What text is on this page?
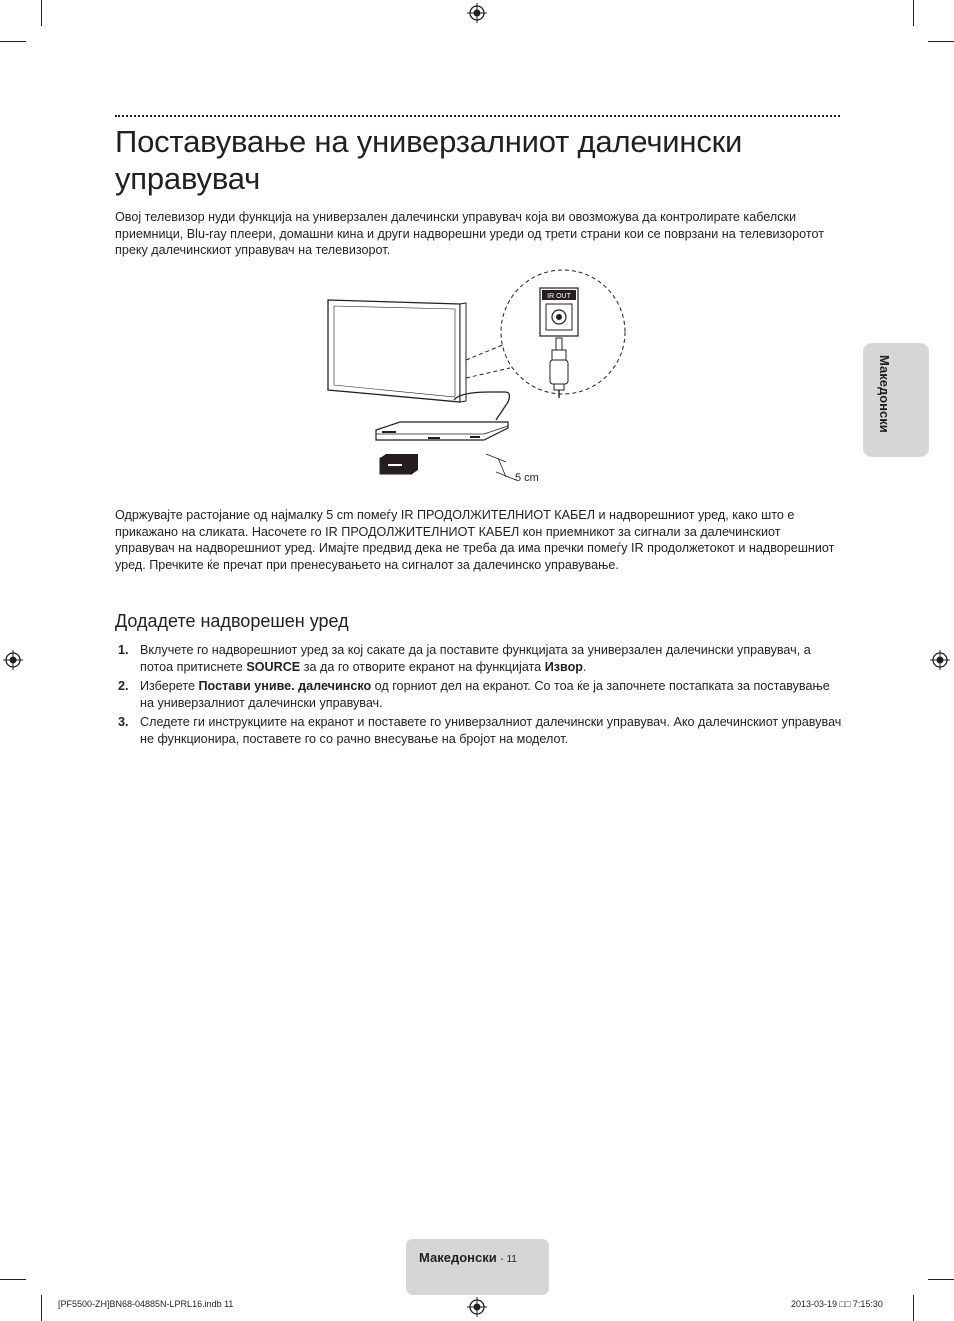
Поставување на универзалниот далечински управувач

Овој телевизор нуди функција на универзален далечински управувач која ви овозможува да контролирате кабелски приемници, Blu-ray плеери, домашни кина и други надворешни уреди од трети страни кои се поврзани на телевизоротот преку далечинскиот управувач на телевизорот.

IR OUT
5 cm

Одржувајте растојание од најмалку 5 cm помеѓу IR ПРОДОЛЖИТЕЛНИОТ КАБЕЛ и надворешниот уред, како што е прикажано на сликата. Насочете го IR ПРОДОЛЖИТЕЛНИОТ КАБЕЛ кон приемникот за сигнали за далечинскиот управувач на надворешниот уред. Имајте предвид дека не треба да има пречки помеѓу IR продолжетокот и надворешниот уред. Пречките ќе пречат при пренесувањето на сигналот за далечинско управување.

Додадете надворешен уред
1. Вклучете го надворешниот уред за кој сакате да ја поставите функцијата за универзален далечински управувач, а потоа притиснете SOURCE за да го отворите екранот на функцијата Извор.
2. Изберете Постави униве. далечинско од горниот дел на екранот. Со тоа ќе ја започнете постапката за поставување на универзалниот далечински управувач.
3. Следете ги инструкциите на екранот и поставете го универзалниот далечински управувач. Ако далечинскиот управувач не функционира, поставете го со рачно внесување на бројот на моделот.
Македонски
Македонски - 11
[PF5500-ZH]BN68-04885N-LPRL16.indb 11	2013-03-19 □□ 7:15:30
